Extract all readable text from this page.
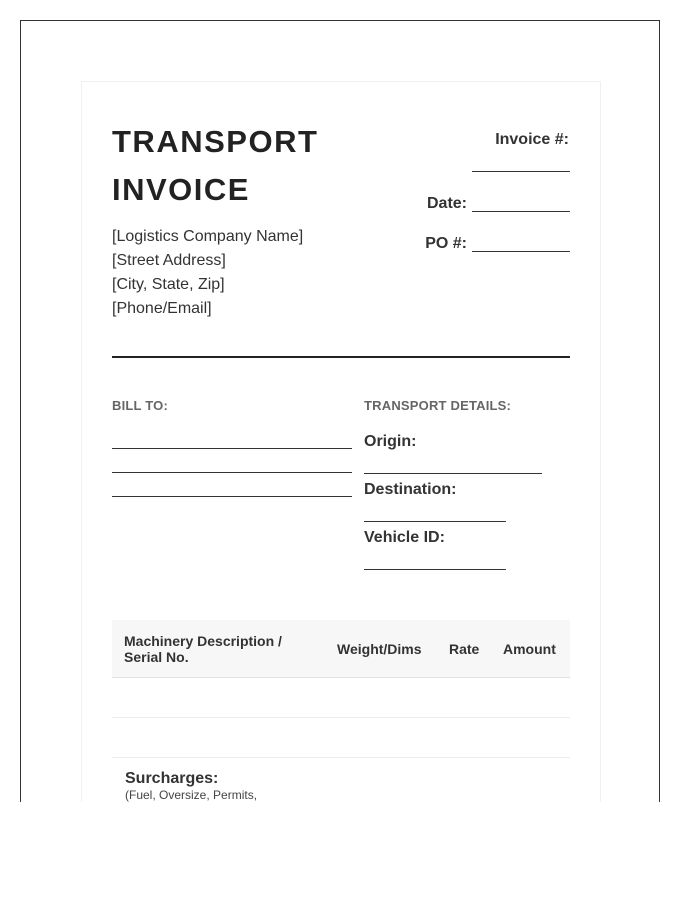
TRANSPORT
INVOICE
[Logistics Company Name]
[Street Address]
[City, State, Zip]
[Phone/Email]
Invoice #:
Date:
PO #:
BILL TO:	TRANSPORT DETAILS:
Origin:
Destination:
Vehicle ID:
Machinery Description / Serial No.	Weight/Dims Rate Amount
Surcharges:
(Fuel, Oversize, Permits,
